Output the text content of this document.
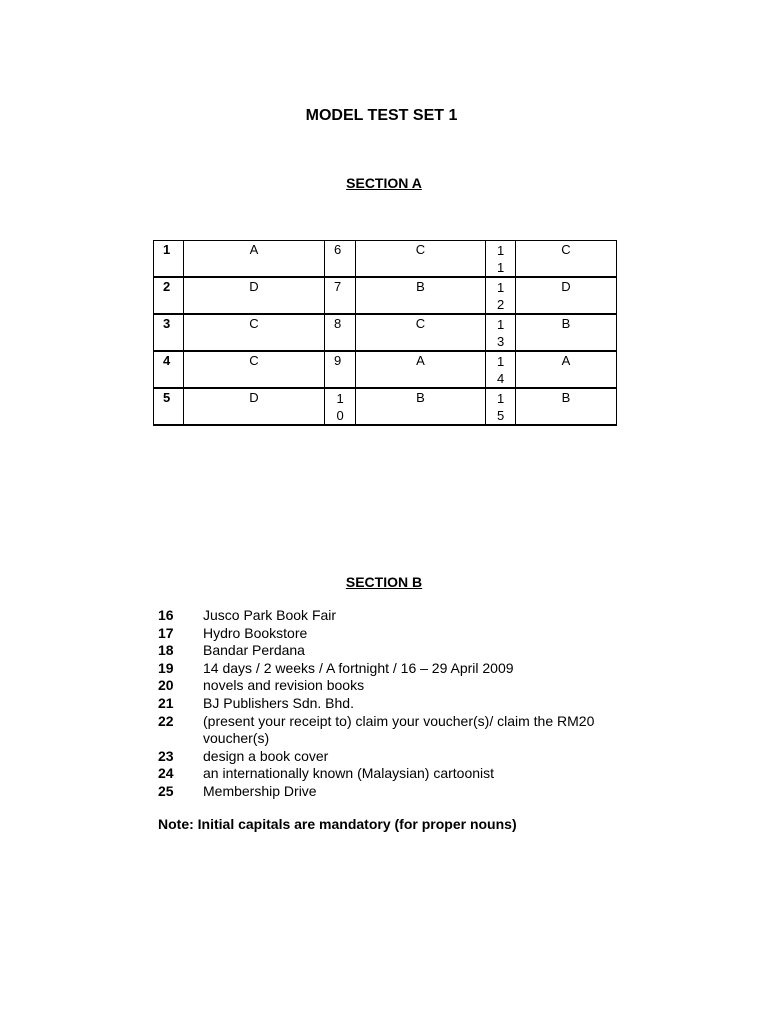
MODEL TEST SET 1
SECTION A
1	A	6	C	11	C
2	D	7	B	12	D
3	C	8	C	13	B
4	C	9	A	14	A
5	D	10	B	15	B
SECTION B
16	Jusco Park Book Fair
17	Hydro Bookstore
18	Bandar Perdana
19	14 days / 2 weeks / A fortnight / 16 – 29 April 2009
20	novels and revision books
21	BJ Publishers Sdn. Bhd.
22	(present your receipt to) claim your voucher(s)/ claim the RM20 voucher(s)
23	design a book cover
24	an internationally known (Malaysian) cartoonist
25	Membership Drive

Note: Initial capitals are mandatory (for proper nouns)
